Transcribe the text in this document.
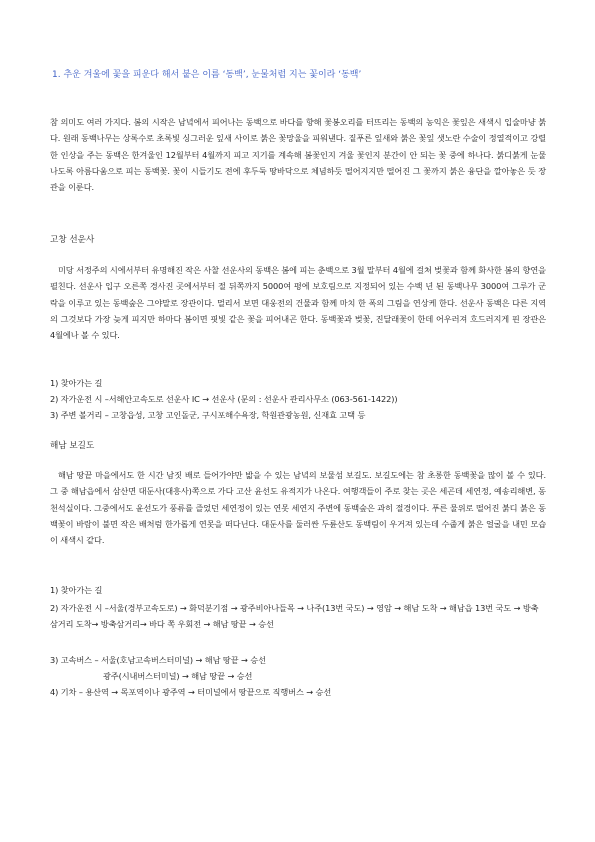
1. 추운 겨울에 꽃을 피운다 해서 붙은 이름 ‘동백’, 눈물처럼 지는 꽃이라 ‘동백’

참 의미도 여러 가지다. 봄의 시작은 남녘에서 피어나는 동백으로 바다를 향해 꽃봉오리를 터뜨리는 동백의 농익은 꽃잎은 새색시 입술마냥 붉다. 원래 동백나무는 상록수로 초록빛 싱그러운 잎새 사이로 붉은 꽃망울을 피워낸다. 짙푸른 잎새와 붉은 꽃잎 샛노란 수술이 정열적이고 강렬한 인상을 주는 동백은 한겨울인 12월부터 4월까지 피고 지기를 계속해 봄꽃인지 겨울 꽃인지 분간이 안 되는 꽃 중에 하나다. 붉디붉게 눈물나도록 아름다움으로 피는 동백꽃. 꽃이 시들기도 전에 후두둑 땅바닥으로 체념하듯 떨어지지만 떨어진 그 꽃까지 붉은 융단을 깔아놓은 듯 장관을 이룬다.

고창 선운사

미당 서정주의 시에서부터 유명해진 작은 사찰 선운사의 동백은 봄에 피는 춘백으로 3월 말부터 4월에 걸쳐 벚꽃과 함께 화사한 봄의 향연을 펼친다. 선운사 입구 오른쪽 경사진 곳에서부터 절 뒤쪽까지 5000여 평에 보호림으로 지정되어 있는 수백 년 된 동백나무 3000여 그루가 군락을 이루고 있는 동백숲은 그야말로 장관이다. 멀리서 보면 대웅전의 건물과 함께 마치 한 폭의 그림을 연상케 한다. 선운사 동백은 다른 지역의 그것보다 가장 늦게 피지만 하마다 봄이면 핏빛 같은 꽃을 피어내곤 한다. 동백꽃과 벚꽃, 진달래꽃이 한데 어우러져 흐드러지게 핀 장관은 4월에나 볼 수 있다.

1) 찾아가는 길

2) 자가운전 시 –서해안고속도로 선운사 IC → 선운사 (문의 : 선운사 관리사무소 (063-561-1422))

3) 주변 볼거리 – 고창읍성, 고창 고인돌군, 구시포해수욕장, 학원관광농원, 신재효 고택 등

해남 보길도

해남 땅끝 마을에서도 한 시간 남짓 배로 들어가야만 밟을 수 있는 남녘의 보물섬 보길도. 보길도에는 참 초롱한 동백꽃을 많이 볼 수 있다. 그 중 해남읍에서 삼산면 대둔사(대흥사)쪽으로 가다 고산 윤선도 유적지가 나온다. 여행객들이 주로 찾는 곳은 세곤데 세연정, 예송리해변, 동천석실이다. 그중에서도 윤선도가 풍류를 즐었던 세연정이 있는 연못 세연지 주변에 동백숲은 과히 절경이다. 푸른 물위로 떨어진 붉디 붉은 동백꽃이 바람이 불면 작은 배처럼 한가롭게 연못을 떠다닌다. 대둔사를 둘러싼 두륜산도 동백림이 우거져 있는데 수줍게 붉은 얼굴을 내민 모습이 새색시 같다.

1) 찾아가는 길

2) 자가운전 시 –서울(경부고속도로) → 화덕분기점 → 광주비아나들목 → 나주(13번 국도) → 영암 → 해남 도착 → 해남읍 13번 국도 → 방축삼거리 도착→ 방축삼거리→ 바다 쪽 우회전 → 해남 땅끝 → 승선

3) 고속버스 – 서울(호남고속버스터미널) → 해남 땅끝 → 승선

광주(시내버스터미널) → 해남 땅끝 → 승선

4) 기차 – 용산역 → 목포역이나 광주역 → 터미널에서 땅끝으로 직행버스 → 승선
